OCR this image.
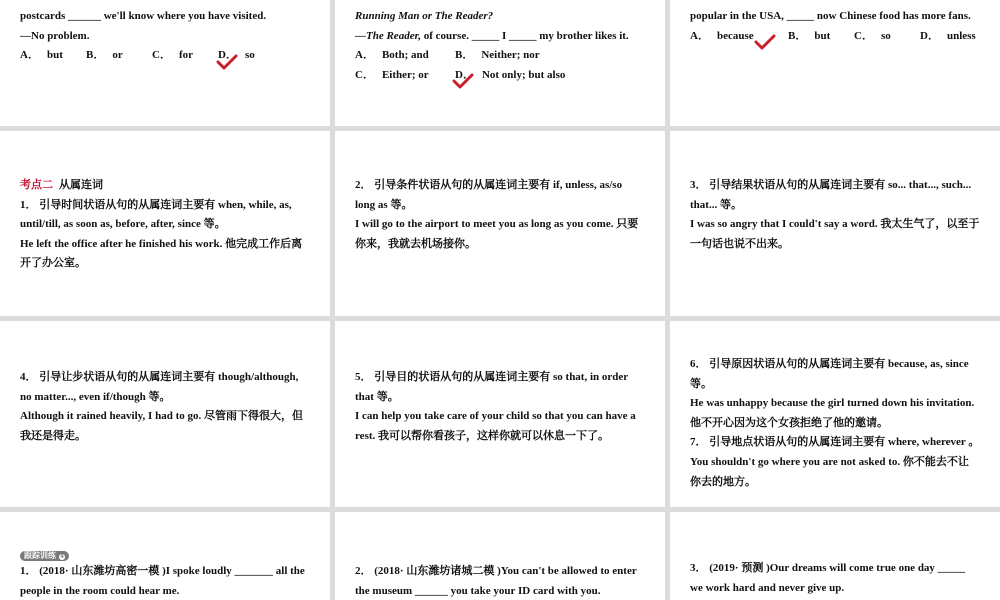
postcards ______ we'll know where you have visited.

—No problem.

A． but	B． or	C． for	D． so

Running Man or The Reader?

—The Reader, of course. _____ I _____ my brother likes it.

A． Both; and	B． Neither; nor
C． Either; or	D． Not only; but also

popular in the USA, _____ now Chinese food has more fans.

A． because	B． but	C． so	D． unless

考点二 从属连词

1． 引导时间状语从句的从属连词主要有 when, while, as,

until/till, as soon as, before, after, since 等。

He left the office after he finished his work. 他完成工作后离

开了办公室。

2． 引导条件状语从句的从属连词主要有 if, unless, as/so

long as 等。

I will go to the airport to meet you as long as you come. 只要

你来，我就去机场接你。

3． 引导结果状语从句的从属连词主要有 so... that..., such...

that... 等。

I was so angry that I could't say a word. 我太生气了，以至于

一句话也说不出来。

4． 引导让步状语从句的从属连词主要有 though/although,

no matter..., even if/though 等。

Although it rained heavily, I had to go. 尽管雨下得很大，但

我还是得走。

5． 引导目的状语从句的从属连词主要有 so that, in order

that 等。

I can help you take care of your child so that you can have a

rest. 我可以帮你看孩子，这样你就可以休息一下了。

6． 引导原因状语从句的从属连词主要有 because, as, since

等。

He was unhappy because the girl turned down his invitation.

他不开心因为这个女孩拒绝了他的邀请。

7． 引导地点状语从句的从属连词主要有 where, wherever 。

You shouldn't go where you are not asked to. 你不能去不让

你去的地方。

跟踪训练 4

1． (2018· 山东潍坊高密一模 )I spoke loudly _______ all the

people in the room could hear me.

2． (2018· 山东潍坊诸城二模 )You can't be allowed to enter

the museum ______ you take your ID card with you.

3． (2019· 预测 )Our dreams will come true one day _____

we work hard and never give up.
